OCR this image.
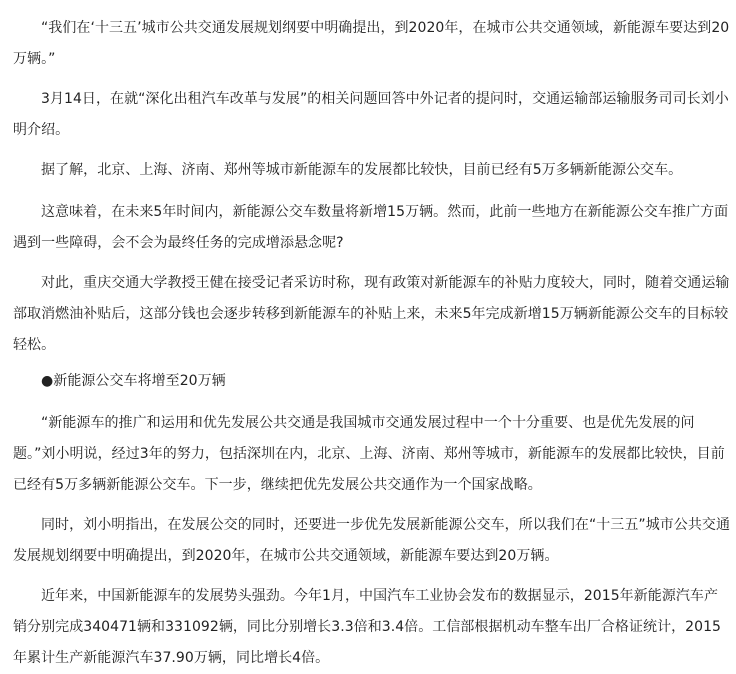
“我们在‘十三五’城市公共交通发展规划纲要中明确提出，到2020年，在城市公共交通领域，新能源车要达到20万辆。”

3月14日，在就“深化出租汽车改革与发展”的相关问题回答中外记者的提问时，交通运输部运输服务司司长刘小明介绍。

据了解，北京、上海、济南、郑州等城市新能源车的发展都比较快，目前已经有5万多辆新能源公交车。

这意味着，在未来5年时间内，新能源公交车数量将新增15万辆。然而，此前一些地方在新能源公交车推广方面遇到一些障碍，会不会为最终任务的完成增添悬念呢?

对此，重庆交通大学教授王健在接受记者采访时称，现有政策对新能源车的补贴力度较大，同时，随着交通运输部取消燃油补贴后，这部分钱也会逐步转移到新能源车的补贴上来，未来5年完成新增15万辆新能源公交车的目标较轻松。

●新能源公交车将增至20万辆

“新能源车的推广和运用和优先发展公共交通是我国城市交通发展过程中一个十分重要、也是优先发展的问题。”刘小明说，经过3年的努力，包括深圳在内，北京、上海、济南、郑州等城市，新能源车的发展都比较快，目前已经有5万多辆新能源公交车。下一步，继续把优先发展公共交通作为一个国家战略。

同时，刘小明指出，在发展公交的同时，还要进一步优先发展新能源公交车，所以我们在“十三五”城市公共交通发展规划纲要中明确提出，到2020年，在城市公共交通领域，新能源车要达到20万辆。

近年来，中国新能源车的发展势头强劲。今年1月，中国汽车工业协会发布的数据显示，2015年新能源汽车产销分别完成340471辆和331092辆，同比分别增长3.3倍和3.4倍。工信部根据机动车整车出厂合格证统计，2015年累计生产新能源汽车37.90万辆，同比增长4倍。
